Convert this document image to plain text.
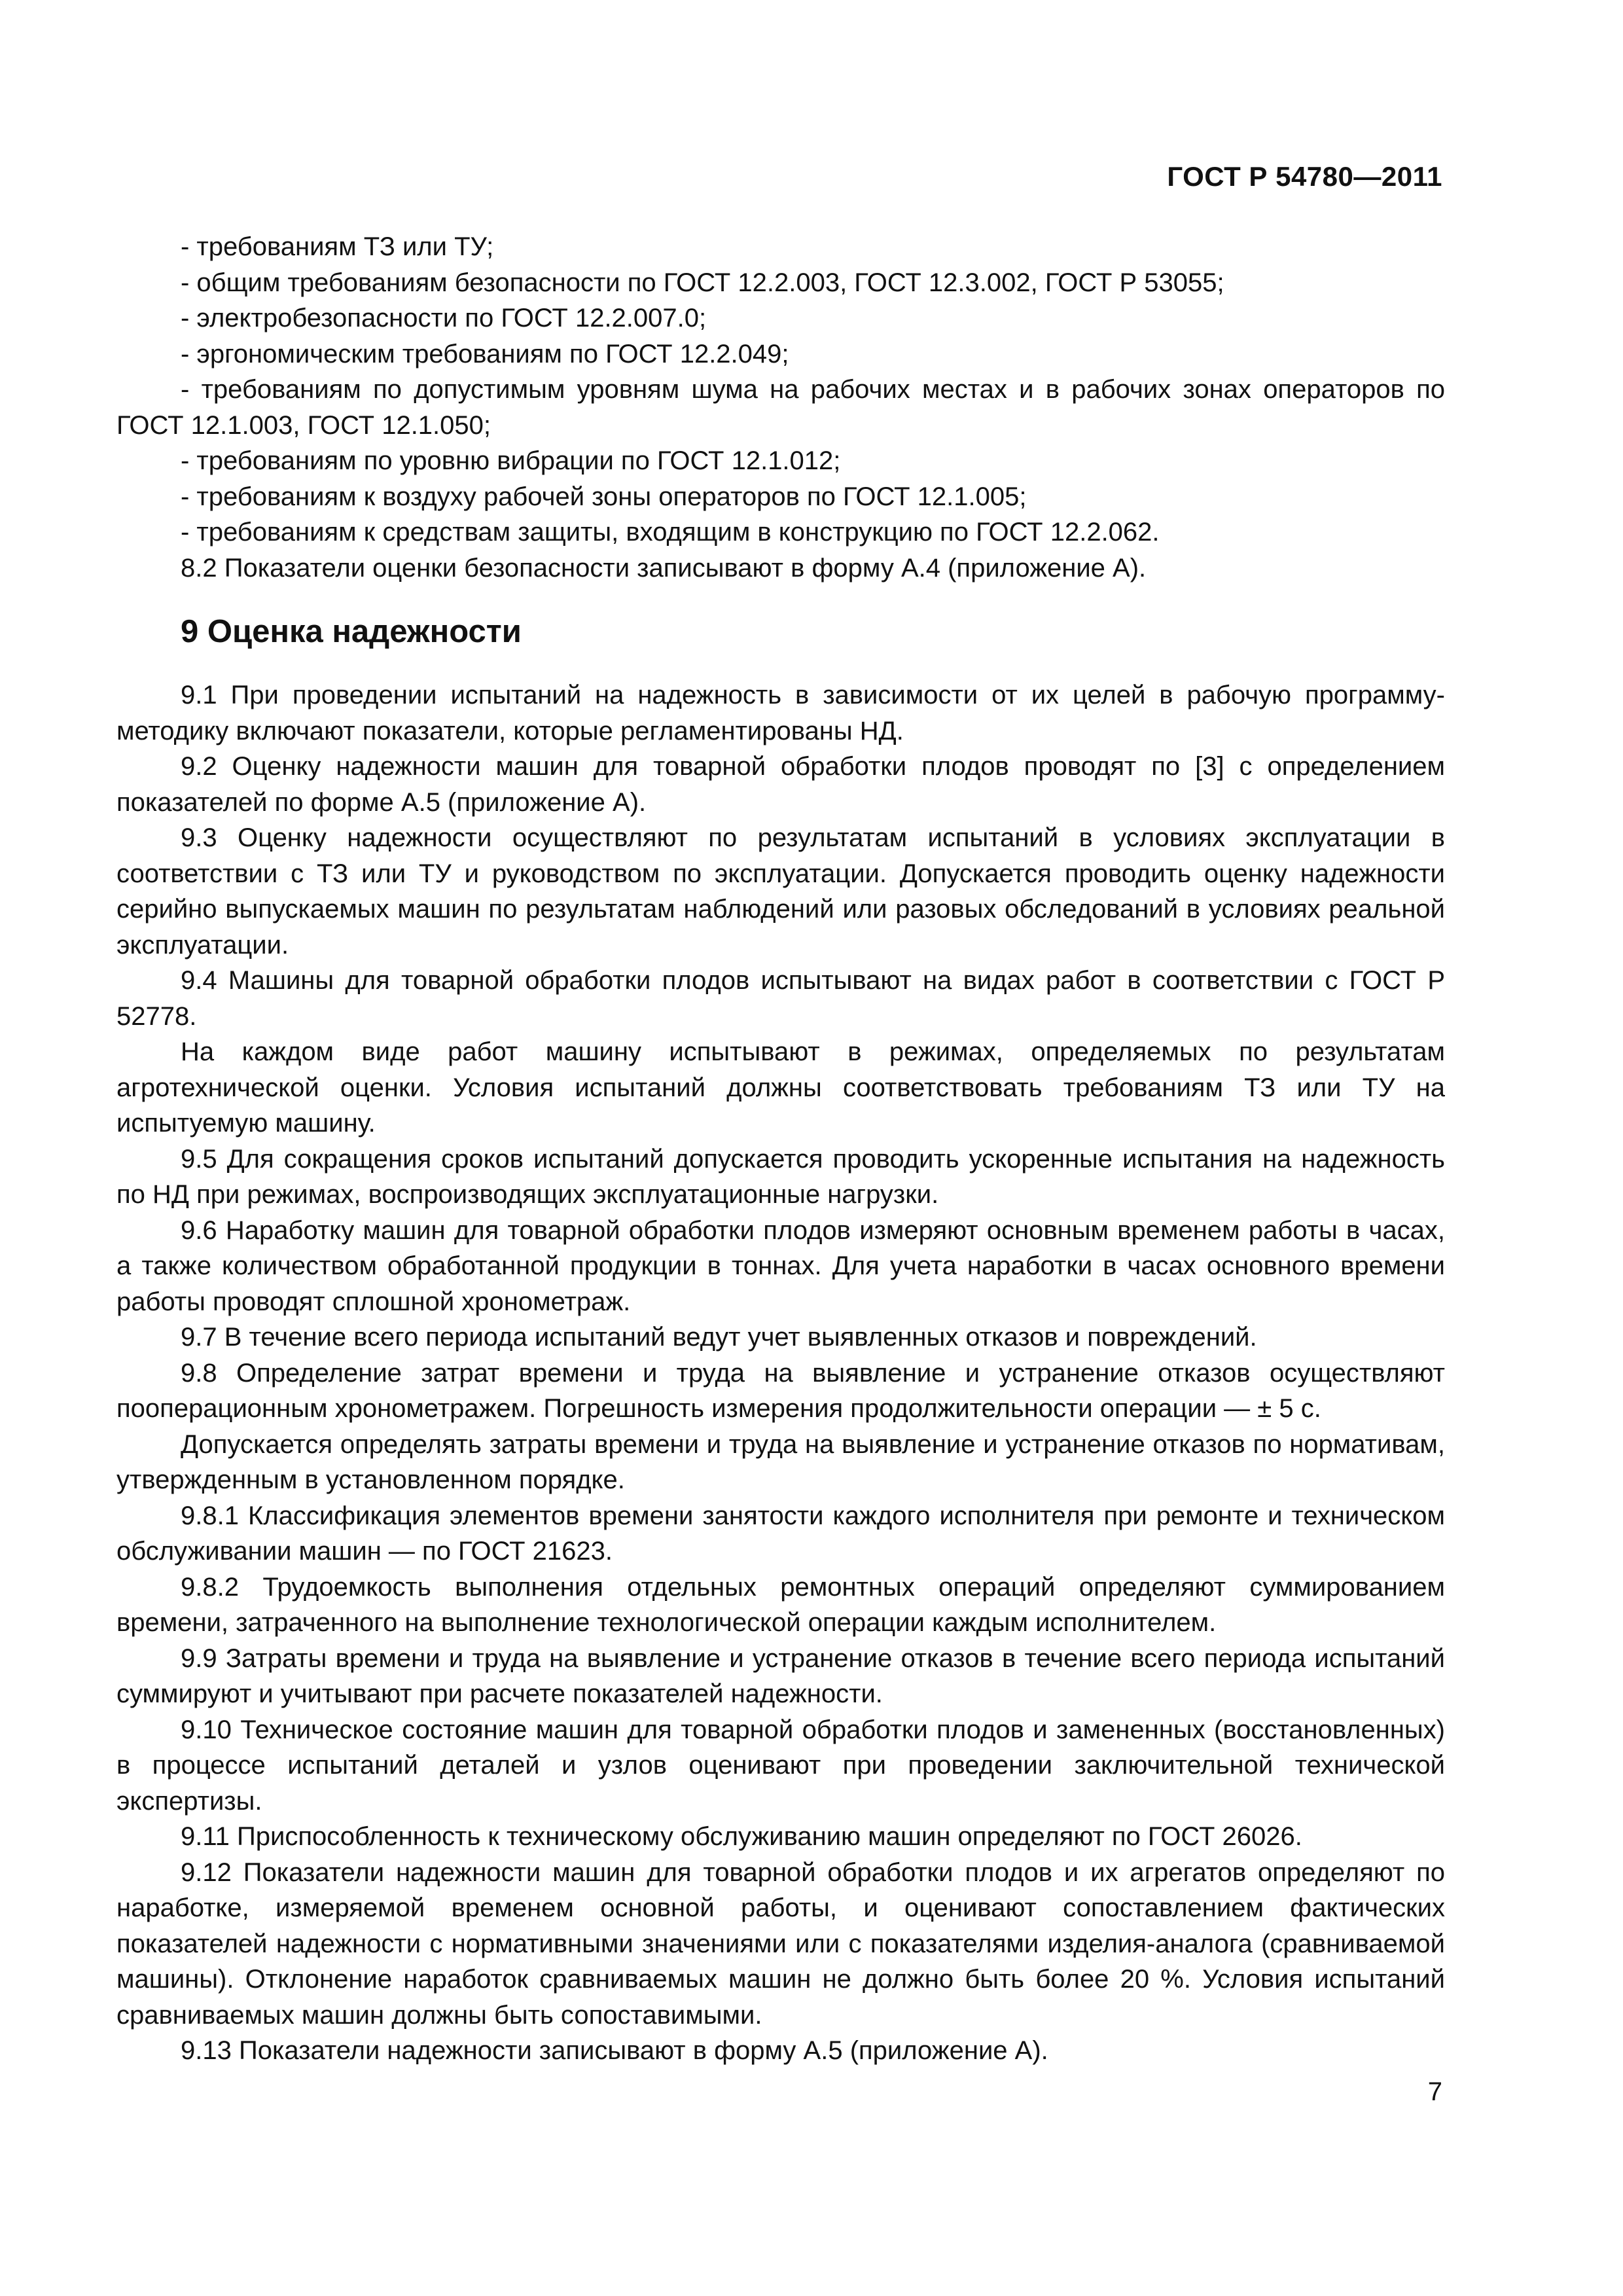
ГОСТ Р 54780—2011

- требованиям ТЗ или ТУ;

- общим требованиям безопасности по ГОСТ 12.2.003, ГОСТ 12.3.002, ГОСТ Р 53055;

- электробезопасности по ГОСТ 12.2.007.0;

- эргономическим требованиям по ГОСТ 12.2.049;

- требованиям по допустимым уровням шума на рабочих местах и в рабочих зонах операторов по ГОСТ 12.1.003, ГОСТ 12.1.050;

- требованиям по уровню вибрации по ГОСТ 12.1.012;

- требованиям к воздуху рабочей зоны операторов по ГОСТ 12.1.005;

- требованиям к средствам защиты, входящим в конструкцию по ГОСТ 12.2.062.

8.2 Показатели оценки безопасности записывают в форму А.4 (приложение А).

9 Оценка надежности

9.1 При проведении испытаний на надежность в зависимости от их целей в рабочую программу-методику включают показатели, которые регламентированы НД.

9.2 Оценку надежности машин для товарной обработки плодов проводят по [3] с определением показателей по форме А.5 (приложение А).

9.3 Оценку надежности осуществляют по результатам испытаний в условиях эксплуатации в соответствии с ТЗ или ТУ и руководством по эксплуатации. Допускается проводить оценку надежности серийно выпускаемых машин по результатам наблюдений или разовых обследований в условиях реальной эксплуатации.

9.4 Машины для товарной обработки плодов испытывают на видах работ в соответствии с ГОСТ Р 52778.

На каждом виде работ машину испытывают в режимах, определяемых по результатам агротехнической оценки. Условия испытаний должны соответствовать требованиям ТЗ или ТУ на испытуемую машину.

9.5 Для сокращения сроков испытаний допускается проводить ускоренные испытания на надежность по НД при режимах, воспроизводящих эксплуатационные нагрузки.

9.6 Наработку машин для товарной обработки плодов измеряют основным временем работы в часах, а также количеством обработанной продукции в тоннах. Для учета наработки в часах основного времени работы проводят сплошной хронометраж.

9.7 В течение всего периода испытаний ведут учет выявленных отказов и повреждений.

9.8 Определение затрат времени и труда на выявление и устранение отказов осуществляют пооперационным хронометражем. Погрешность измерения продолжительности операции — ± 5 с.

Допускается определять затраты времени и труда на выявление и устранение отказов по нормативам, утвержденным в установленном порядке.

9.8.1 Классификация элементов времени занятости каждого исполнителя при ремонте и техническом обслуживании машин — по ГОСТ 21623.

9.8.2 Трудоемкость выполнения отдельных ремонтных операций определяют суммированием времени, затраченного на выполнение технологической операции каждым исполнителем.

9.9 Затраты времени и труда на выявление и устранение отказов в течение всего периода испытаний суммируют и учитывают при расчете показателей надежности.

9.10 Техническое состояние машин для товарной обработки плодов и замененных (восстановленных) в процессе испытаний деталей и узлов оценивают при проведении заключительной технической экспертизы.

9.11 Приспособленность к техническому обслуживанию машин определяют по ГОСТ 26026.

9.12 Показатели надежности машин для товарной обработки плодов и их агрегатов определяют по наработке, измеряемой временем основной работы, и оценивают сопоставлением фактических показателей надежности с нормативными значениями или с показателями изделия-аналога (сравниваемой машины). Отклонение наработок сравниваемых машин не должно быть более 20 %. Условия испытаний сравниваемых машин должны быть сопоставимыми.

9.13 Показатели надежности записывают в форму А.5 (приложение А).

7
